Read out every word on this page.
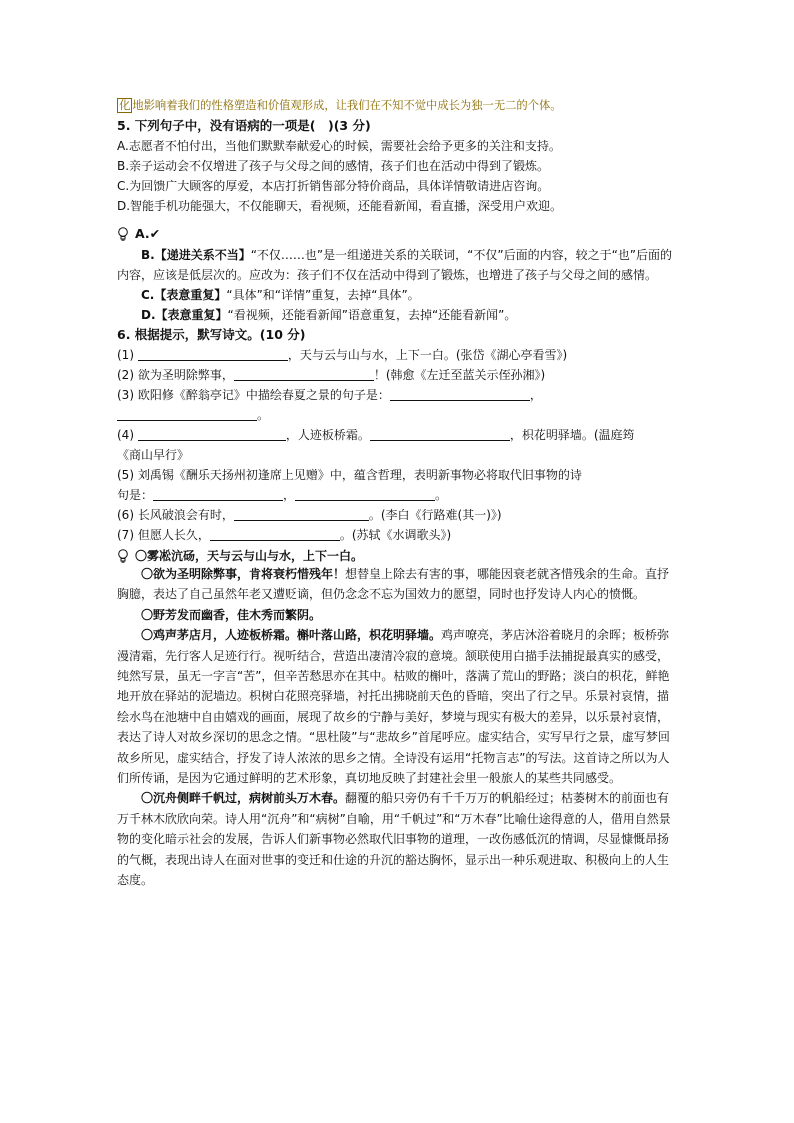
化 地影响着我们的性格塑造和价值观形成，让我们在不知不觉中成长为独一无二的个体。
5. 下列句子中，没有语病的一项是(　)(3 分)
A.志愿者不怕付出，当他们默默奉献爱心的时候，需要社会给予更多的关注和支持。
B.亲子运动会不仅增进了孩子与父母之间的感情，孩子们也在活动中得到了锻炼。
C.为回馈广大顾客的厚爱，本店打折销售部分特价商品，具体详情敬请进店咨询。
D.智能手机功能强大，不仅能聊天，看视频，还能看新闻，看直播，深受用户欢迎。
A.✔
B.【递进关系不当】“不仅……也”是一组递进关系的关联词，“不仅”后面的内容，较之于“也”后面的内容，应该是低层次的。应改为：孩子们不仅在活动中得到了锻炼，也增进了孩子与父母之间的感情。
C.【表意重复】“具体”和“详情”重复，去掉“具体”。
D.【表意重复】“看视频，还能看新闻”语意重复，去掉“还能看新闻”。
6. 根据提示，默写诗文。(10 分)
(1)	，天与云与山与水，上下一白。(张岱《湖心亭看雪》)
(2) 欲为圣明除弊事，	！(韩愈《左迁至蓝关示侄孙湘》)
(3) 欧阳修《醉翁亭记》中描绘春夏之景的句子是：	，
。
(4)	，人迹板桥霜。	，枳花明驿墙。(温庭筠
《商山早行》
(5) 刘禹锡《酬乐天扬州初逢席上见赠》中，蕴含哲理，表明新事物必将取代旧事物的诗
句是：	，	。
(6) 长风破浪会有时，	。(李白《行路难(其一)》)
(7) 但愿人长久，	。(苏轼《水调歌头》)
〇雾凇沆砀，天与云与山与水，上下一白。
〇欲为圣明除弊事，肯将衰朽惜残年！想替皇上除去有害的事，哪能因衰老就吝惜残余的生命。直抒胸臆，表达了自己虽然年老又遭贬谪，但仍念念不忘为国效力的愿望，同时也抒发诗人内心的愤慨。
〇野芳发而幽香，佳木秀而繁阴。
〇鸡声茅店月，人迹板桥霜。槲叶落山路，枳花明驿墙。鸡声嘹亮，茅店沐浴着晓月的余晖；板桥弥漫清霜，先行客人足迹行行。视听结合，营造出凄清冷寂的意境。颔联使用白描手法捕捉最真实的感受，纯然写景，虽无一字言“苦”，但辛苦愁思亦在其中。枯败的槲叶，落满了荒山的野路；淡白的枳花，鲜艳地开放在驿站的泥墙边。枳树白花照亮驿墙，衬托出拂晓前天色的昏暗，突出了行之早。乐景衬哀情，描绘水鸟在池塘中自由嬉戏的画面，展现了故乡的宁静与美好，梦境与现实有极大的差异，以乐景衬哀情，表达了诗人对故乡深切的思念之情。“思杜陵”与“悲故乡”首尾呼应。虚实结合，实写早行之景，虚写梦回故乡所见，虚实结合，抒发了诗人浓浓的思乡之情。全诗没有运用“托物言志”的写法。这首诗之所以为人们所传诵，是因为它通过鲜明的艺术形象，真切地反映了封建社会里一般旅人的某些共同感受。
〇沉舟侧畔千帆过，病树前头万木春。翻覆的船只旁仍有千千万万的帆船经过；枯萎树木的前面也有万千林木欣欣向荣。诗人用“沉舟”和“病树”自喻，用“千帆过”和“万木春”比喻仕途得意的人，借用自然景物的变化暗示社会的发展，告诉人们新事物必然取代旧事物的道理，一改伤感低沉的情调，尽显慷慨昂扬的气概，表现出诗人在面对世事的变迁和仕途的升沉的豁达胸怀，显示出一种乐观进取、积极向上的人生态度。
